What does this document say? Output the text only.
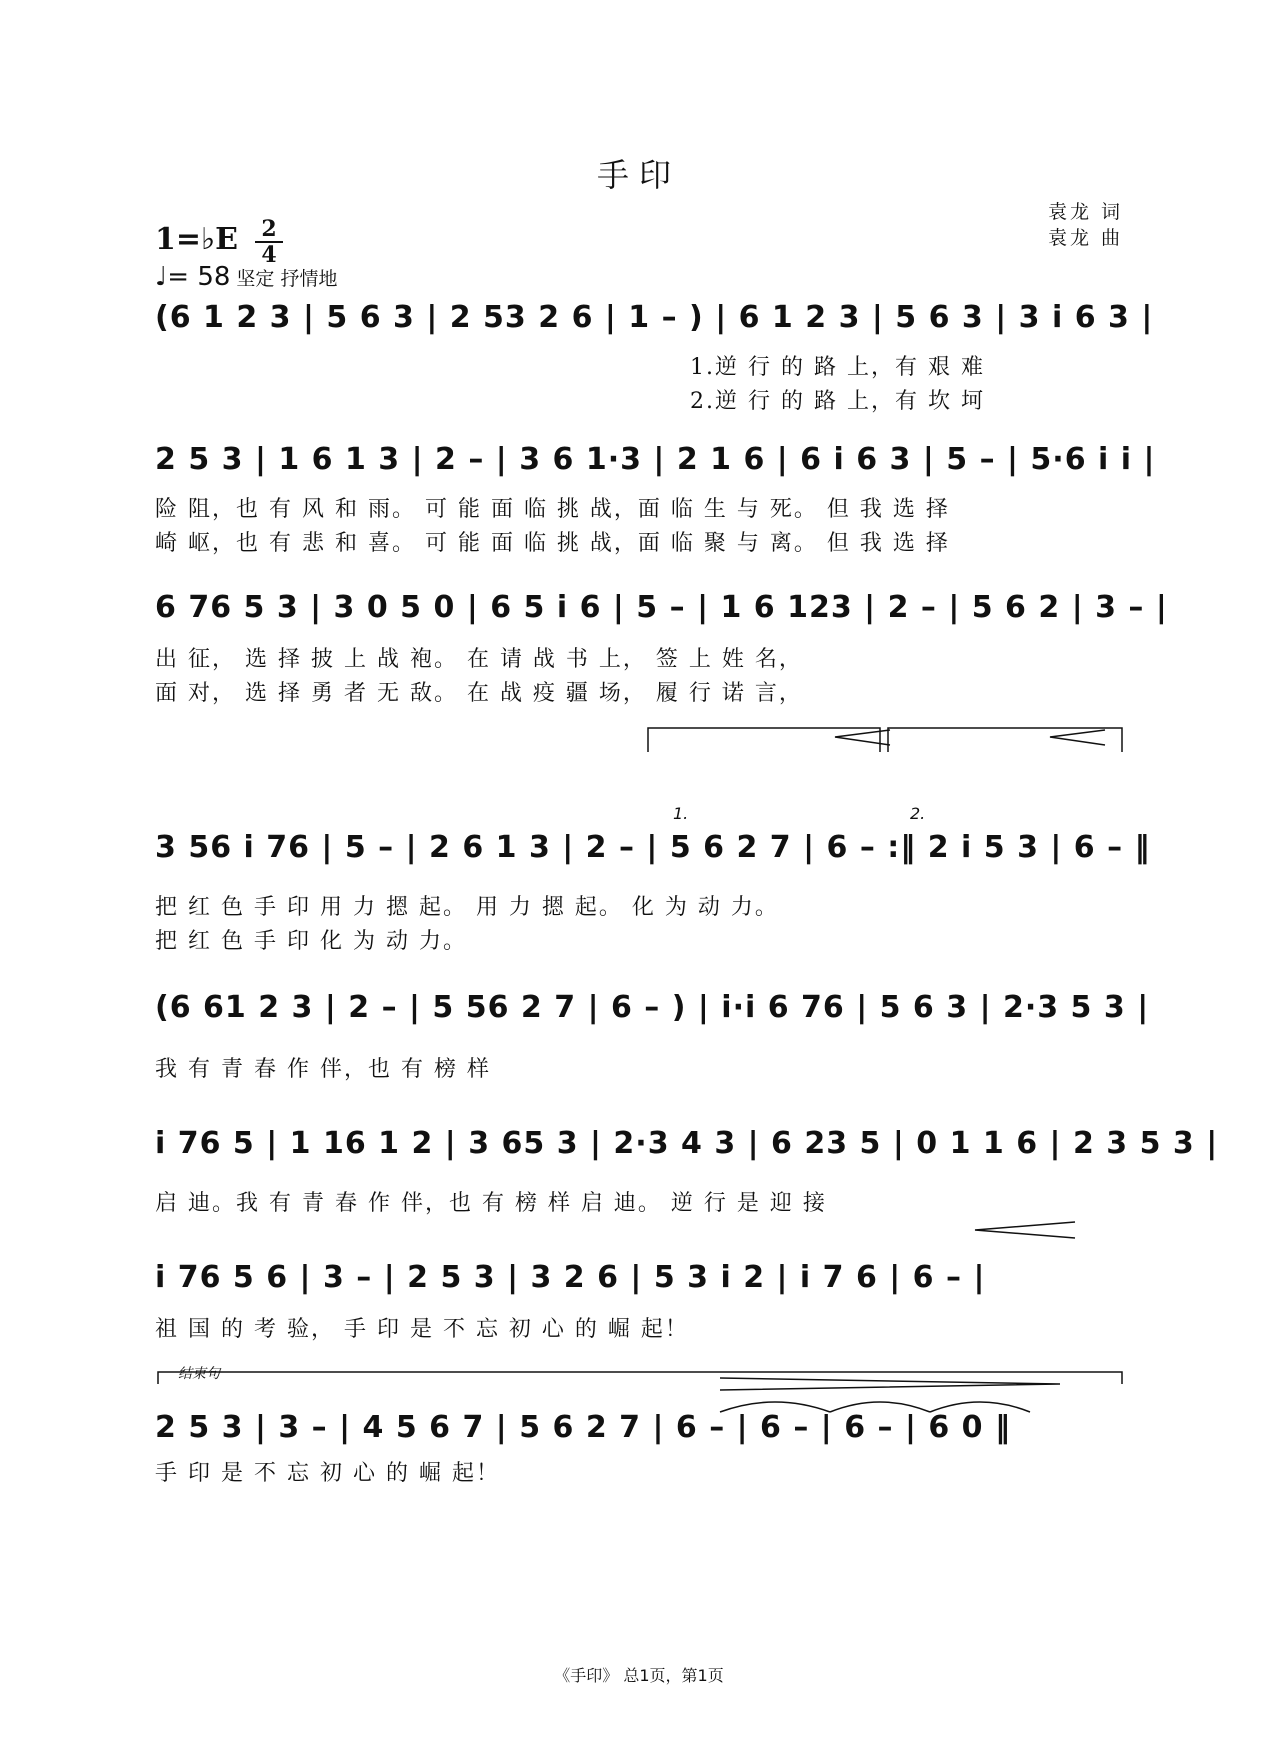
手印
1=♭E 2
4
♩= 58 坚定 抒情地
袁龙 词
袁龙 曲
(6 1 2 3 | 5 6 3 | 2 53 2 6 | 1 – ) | 6 1 2 3 | 5 6 3 | 3 i 6 3 |
1.逆 行 的 路 上，有 艰 难
2.逆 行 的 路 上，有 坎 坷
2 5 3 | 1 6 1 3 | 2 – | 3 6 1·3 | 2 1 6 | 6 i 6 3 | 5 – | 5·6 i i |
险 阻，也 有 风 和 雨。 可 能 面 临 挑 战，面 临 生 与 死。 但 我 选 择
崎 岖，也 有 悲 和 喜。 可 能 面 临 挑 战，面 临 聚 与 离。 但 我 选 择
6 76 5 3 | 3 0 5 0 | 6 5 i 6 | 5 – | 1 6 123 | 2 – | 5 6 2 | 3 – |
出 征， 选 择 披 上 战 袍。 在 请 战 书 上， 签 上 姓 名，
面 对， 选 择 勇 者 无 敌。 在 战 疫 疆 场， 履 行 诺 言，
1.	2.
3 56 i 76 | 5 – | 2 6 1 3 | 2 – | 5 6 2 7 | 6 – :‖ 2 i 5 3 | 6 – ‖
把 红 色 手 印 用 力 摁 起。 用 力 摁 起。 化 为 动 力。
把 红 色 手 印 化 为 动 力。
(6 61 2 3 | 2 – | 5 56 2 7 | 6 – ) | i·i 6 76 | 5 6 3 | 2·3 5 3 |
我 有 青 春 作 伴，也 有 榜 样
i 76 5 | 1 16 1 2 | 3 65 3 | 2·3 4 3 | 6 23 5 | 0 1 1 6 | 2 3 5 3 |
启 迪。我 有 青 春 作 伴，也 有 榜 样 启 迪。 逆 行 是 迎 接
i 76 5 6 | 3 – | 2 5 3 | 3 2 6 | 5 3 i 2 | i 7 6 | 6 – |
祖 国 的 考 验， 手 印 是 不 忘 初 心 的 崛 起！
结束句
2 5 3 | 3 – | 4 5 6 7 | 5 6 2 7 | 6 – | 6 – | 6 – | 6 0 ‖
手 印 是 不 忘 初 心 的 崛 起！
《手印》 总1页，第1页
